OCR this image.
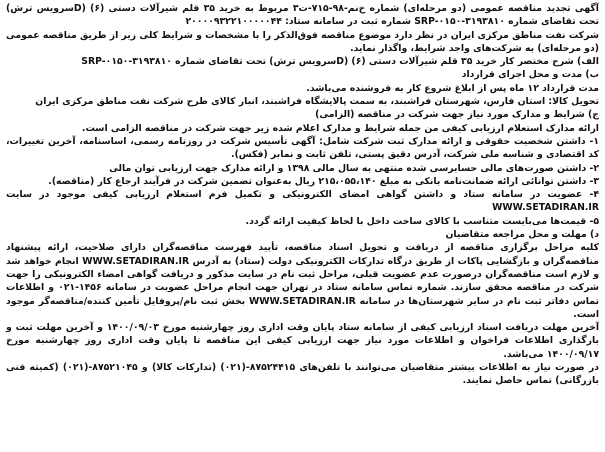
آگهی تجدید مناقصه عمومی (دو مرحله‌ای) شماره خ‌نم-۹۸-۷۱۵-ت۳ مربوط به خرید ۳۵ قلم شیرآلات دستی (۶) (Dسرویس ترش) تحت تقاضای شماره SRP-۰۱۵۰-۳۱۹۳۸۱۰ شماره ثبت در سامانه ستاد: ۲۰۰۰۰۹۳۲۲۱۰۰۰۰۰۴۴

شرکت نفت مناطق مرکزی ایران در نظر دارد موضوع مناقصه فوق‌الذکر را با مشخصات و شرایط کلی زیر از طریق مناقصه عمومی (دو مرحله‌ای) به شرکت‌های واجد شرایط، واگذار نماید.

الف) شرح مختصر کار خرید ۳۵ قلم شیرآلات دستی (۶) (Dسرویس ترش) تحت تقاضای شماره SRP-۰۱۵۰-۳۱۹۳۸۱۰

ب) مدت و محل اجرای قرارداد

مدت قرارداد ۱۲ ماه پس از ابلاغ شروع کار به فروشنده می‌باشد.

تحویل کالا: استان فارس، شهرستان فراشبند، به سمت پالایشگاه فراشبند، انبار کالای طرح شرکت نفت مناطق مرکزی ایران

ج) شرایط و مدارک مورد نیاز جهت شرکت در مناقصه (الزامی)

ارائه مدارک استعلام ارزیابی کیفی من جمله شرایط و مدارک اعلام شده زیر جهت شرکت در مناقصه الزامی است.

۱- داشتن شخصیت حقوقی و ارائه مدارک ثبت شرکت شامل: آگهی تأسیس شرکت در روزنامه رسمی، اساسنامه، آخرین تغییرات، کد اقتصادی و شناسه ملی شرکت، آدرس دقیق پستی، تلفن ثابت و نمابر (فکس).

۲- داشتن صورت‌های مالی حسابرسی شده منتهی به سال مالی ۱۳۹۸ و ارائه مدارک جهت ارزیابی توان مالی

۳- داشتن توانائی ارائه ضمانت‌نامه بانکی به مبلغ ۲۱۵،۰۵۵،۱۴۰ ریال به‌عنوان تضمین شرکت در فرآیند ارجاع کار (مناقصه).

۴- عضویت در سامانه ستاد و داشتن گواهی امضای الکترونیکی و تکمیل فرم استعلام ارزیابی کیفی موجود در سایت WWW.SETADIRAN.IR

۵- قیمت‌ها می‌بایست متناسب با کالای ساخت داخل با لحاظ کیفیت ارائه گردد.

د) مهلت و محل مراجعه متقاضیان

کلیه مراحل برگزاری مناقصه از دریافت و تحویل اسناد مناقصه، تأیید فهرست مناقصه‌گران دارای صلاحیت، ارائه پیشنهاد مناقصه‌گران و بازگشایی پاکات از طریق درگاه تدارکات الکترونیکی دولت (ستاد) به آدرس WWW.SETADIRAN.IR انجام خواهد شد و لازم است مناقصه‌گران درصورت عدم عضویت قبلی، مراحل ثبت نام در سایت مذکور و دریافت گواهی امضاء الکترونیکی را جهت شرکت در مناقصه محقق سازند. شماره تماس سامانه ستاد در تهران جهت انجام مراحل عضویت در سامانه ۱۴۵۶-۰۲۱ و اطلاعات تماس دفاتر ثبت نام در سایر شهرستان‌ها در سامانه WWW.SETADIRAN.IR بخش ثبت نام/پروفایل تأمین کننده/مناقصه‌گر موجود است.

آخرین مهلت دریافت اسناد ارزیابی کیفی از سامانه ستاد پایان وقت اداری روز چهارشنبه مورخ ۱۴۰۰/۰۹/۰۳ و آخرین مهلت ثبت و بارگذاری اطلاعات فراخوان و اطلاعات مورد نیاز جهت ارزیابی کیفی این مناقصه تا پایان وقت اداری روز چهارشنبه مورخ ۱۴۰۰/۰۹/۱۷ می‌باشد.

در صورت نیاز به اطلاعات بیشتر متقاضیان می‌توانند با تلفن‌های ۸۷۵۲۴۴۱۵-(۰۲۱) (تدارکات کالا) و ۸۷۵۲۱۰۴۵-(۰۲۱) (کمیته فنی بازرگانی) تماس حاصل نمایند.
